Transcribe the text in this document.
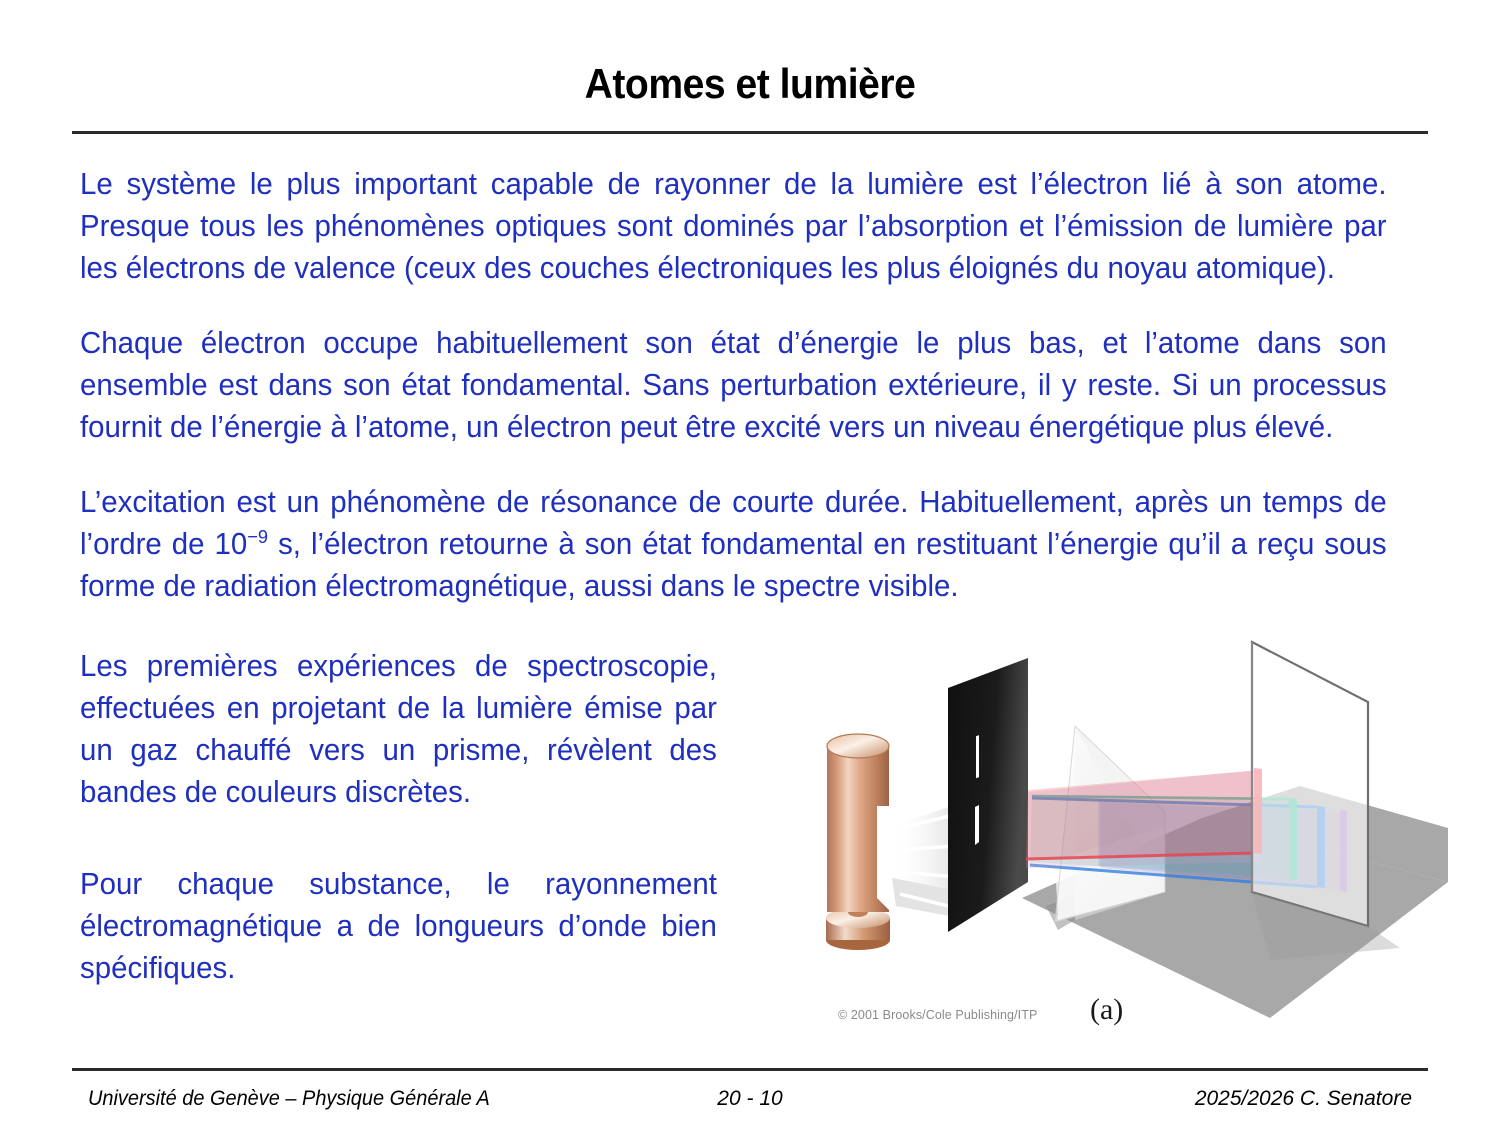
Atomes et lumière

Le système le plus important capable de rayonner de la lumière est l’électron lié à son atome. Presque tous les phénomènes optiques sont dominés par l’absorption et l’émission de lumière par les électrons de valence (ceux des couches électroniques les plus éloignés du noyau atomique).

Chaque électron occupe habituellement son état d’énergie le plus bas, et l’atome dans son ensemble est dans son état fondamental. Sans perturbation extérieure, il y reste. Si un processus fournit de l’énergie à l’atome, un électron peut être excité vers un niveau énergétique plus élevé.

L’excitation est un phénomène de résonance de courte durée. Habituellement, après un temps de l’ordre de $10^{-9}$ s, l’électron retourne à son état fondamental en restituant l’énergie qu’il a reçu sous forme de radiation électromagnétique, aussi dans le spectre visible.

Les premières expériences de spectroscopie, effectuées en projetant de la lumière émise par un gaz chauffé vers un prisme, révèlent des bandes de couleurs discrètes.

Pour chaque substance, le rayonnement électromagnétique a de longueurs d’onde bien spécifiques.

(a)
© 2001 Brooks/Cole Publishing/ITP
Université de Genève – Physique Générale A	20 - 10	2025/2026 C. Senatore
